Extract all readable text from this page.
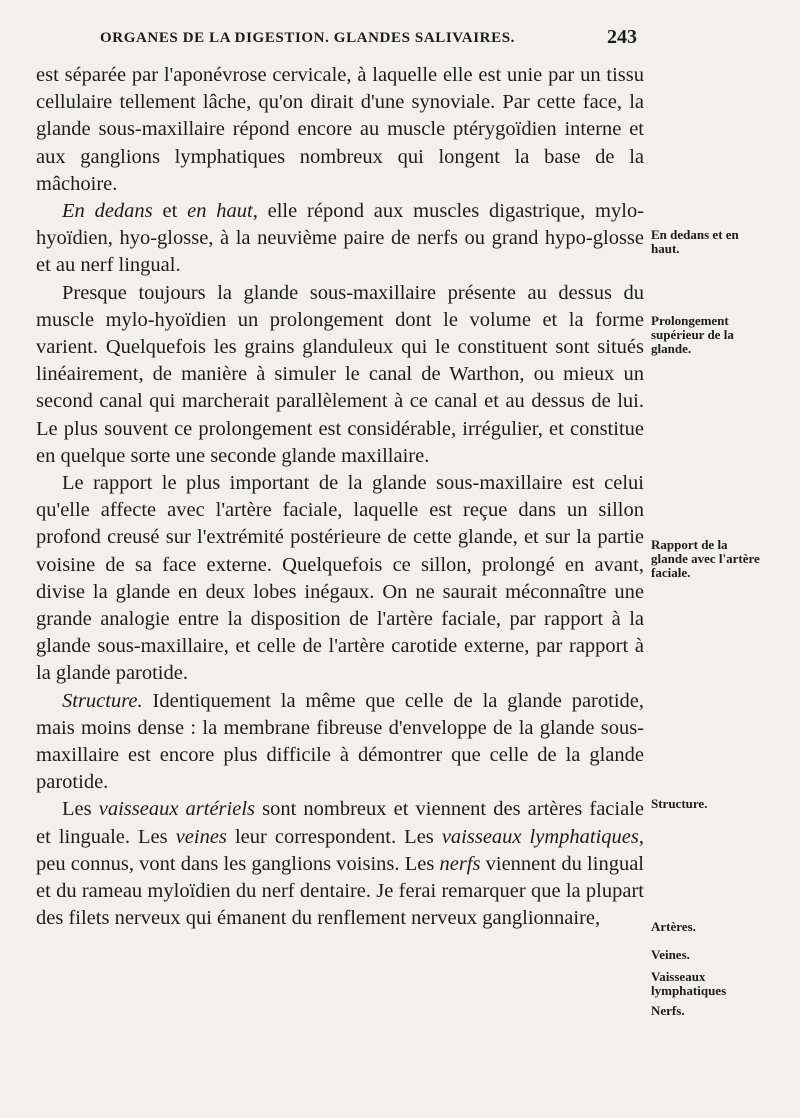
ORGANES DE LA DIGESTION. GLANDES SALIVAIRES.	243

est séparée par l'aponévrose cervicale, à laquelle elle est unie par un tissu cellulaire tellement lâche, qu'on dirait d'une synoviale. Par cette face, la glande sous-maxillaire répond encore au muscle ptérygoïdien interne et aux ganglions lymphatiques nombreux qui longent la base de la mâchoire.

En dedans et en haut, elle répond aux muscles digastrique, mylo-hyoïdien, hyo-glosse, à la neuvième paire de nerfs ou grand hypo-glosse et au nerf lingual.

Presque toujours la glande sous-maxillaire présente au dessus du muscle mylo-hyoïdien un prolongement dont le volume et la forme varient. Quelquefois les grains glanduleux qui le constituent sont situés linéairement, de manière à simuler le canal de Warthon, ou mieux un second canal qui marcherait parallèlement à ce canal et au dessus de lui. Le plus souvent ce prolongement est considérable, irrégulier, et constitue en quelque sorte une seconde glande maxillaire.

Le rapport le plus important de la glande sous-maxillaire est celui qu'elle affecte avec l'artère faciale, laquelle est reçue dans un sillon profond creusé sur l'extrémité postérieure de cette glande, et sur la partie voisine de sa face externe. Quelquefois ce sillon, prolongé en avant, divise la glande en deux lobes inégaux. On ne saurait méconnaître une grande analogie entre la disposition de l'artère faciale, par rapport à la glande sous-maxillaire, et celle de l'artère carotide externe, par rapport à la glande parotide.

Structure. Identiquement la même que celle de la glande parotide, mais moins dense : la membrane fibreuse d'enveloppe de la glande sous-maxillaire est encore plus difficile à démontrer que celle de la glande parotide.

Les vaisseaux artériels sont nombreux et viennent des artères faciale et linguale. Les veines leur correspondent. Les vaisseaux lymphatiques, peu connus, vont dans les ganglions voisins. Les nerfs viennent du lingual et du rameau myloïdien du nerf dentaire. Je ferai remarquer que la plupart des filets nerveux qui émanent du renflement nerveux ganglionnaire,

En dedans et en haut.
Prolongement supérieur de la glande.
Rapport de la glande avec l'artère faciale.
Structure.
Artères.
Veines.
Vaisseaux lymphatiques
Nerfs.
